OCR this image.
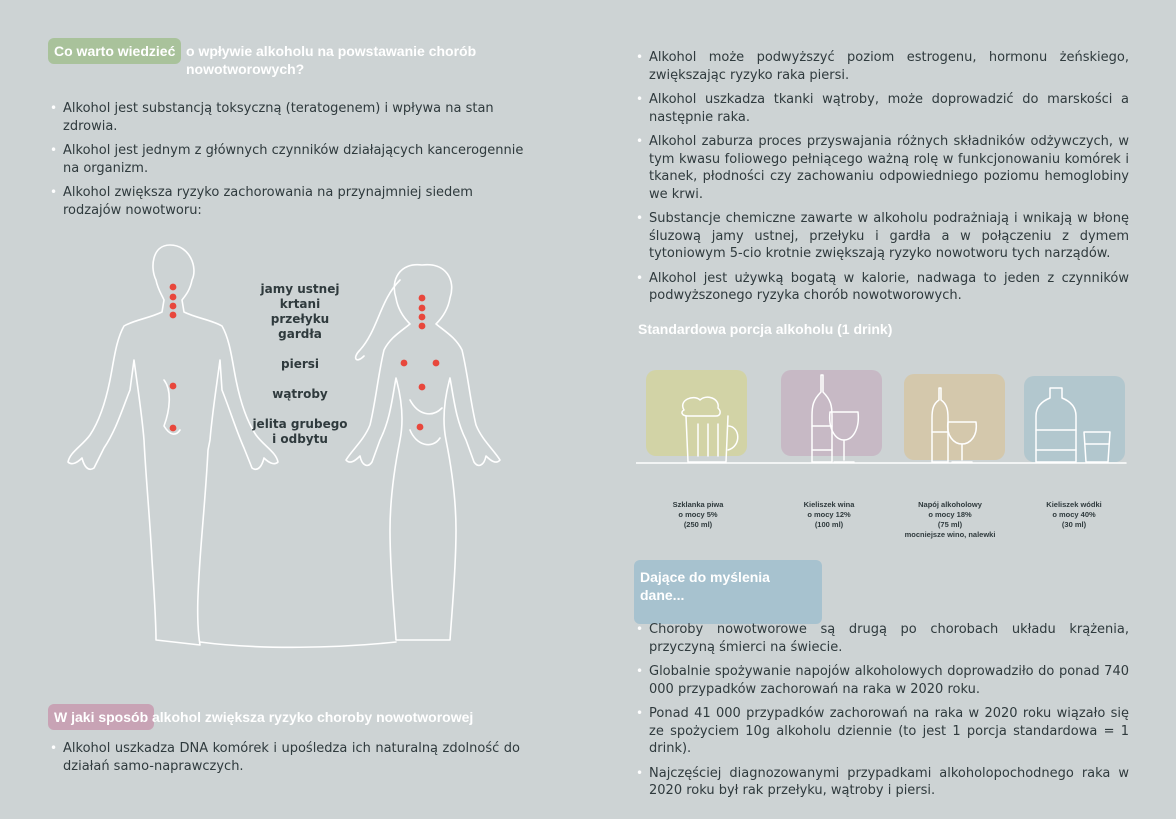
Co warto wiedzieć o wpływie alkoholu na powstawanie chorób
nowotworowych?
• Alkohol jest substancją toksyczną (teratogenem) i wpływa na stan zdrowia.
• Alkohol jest jednym z głównych czynników działających kancerogennie na organizm.
• Alkohol zwiększa ryzyko zachorowania na przynajmniej siedem rodzajów nowotworu:
jamy ustnej
krtani
przełyku
gardła
piersi
wątroby
jelita grubego
i odbytu
W jaki sposób alkohol zwiększa ryzyko choroby nowotworowej
• Alkohol uszkadza DNA komórek i upośledza ich naturalną zdolność do działań samo-naprawczych.
• Alkohol może podwyższyć poziom estrogenu, hormonu żeńskiego, zwiększając ryzyko raka piersi.
• Alkohol uszkadza tkanki wątroby, może doprowadzić do marskości a następnie raka.
• Alkohol zaburza proces przyswajania różnych składników odżywczych, w tym kwasu foliowego pełniącego ważną rolę w funkcjonowaniu komórek i tkanek, płodności czy zachowaniu odpowiedniego poziomu hemoglobiny we krwi.
• Substancje chemiczne zawarte w alkoholu podrażniają i wnikają w błonę śluzową jamy ustnej, przełyku i gardła a w połączeniu z dymem tytoniowym 5-cio krotnie zwiększają ryzyko nowotworu tych narządów.
• Alkohol jest używką bogatą w kalorie, nadwaga to jeden z czynników podwyższonego ryzyka chorób nowotworowych.
Standardowa porcja alkoholu (1 drink)
Szklanka piwa
o mocy 5%
(250 ml)
Kieliszek wina
o mocy 12%
(100 ml)
Napój alkoholowy
o mocy 18%
(75 ml)
mocniejsze wino, nalewki
Kieliszek wódki
o mocy 40%
(30 ml)
Dające do myślenia dane...
• Choroby nowotworowe są drugą po chorobach układu krążenia, przyczyną śmierci na świecie.
• Globalnie spożywanie napojów alkoholowych doprowadziło do ponad 740 000 przypadków zachorowań na raka w 2020 roku.
• Ponad 41 000 przypadków zachorowań na raka w 2020 roku wiązało się ze spożyciem 10g alkoholu dziennie (to jest 1 porcja standardowa = 1 drink).
• Najczęściej diagnozowanymi przypadkami alkoholopochodnego raka w 2020 roku był rak przełyku, wątroby i piersi.
